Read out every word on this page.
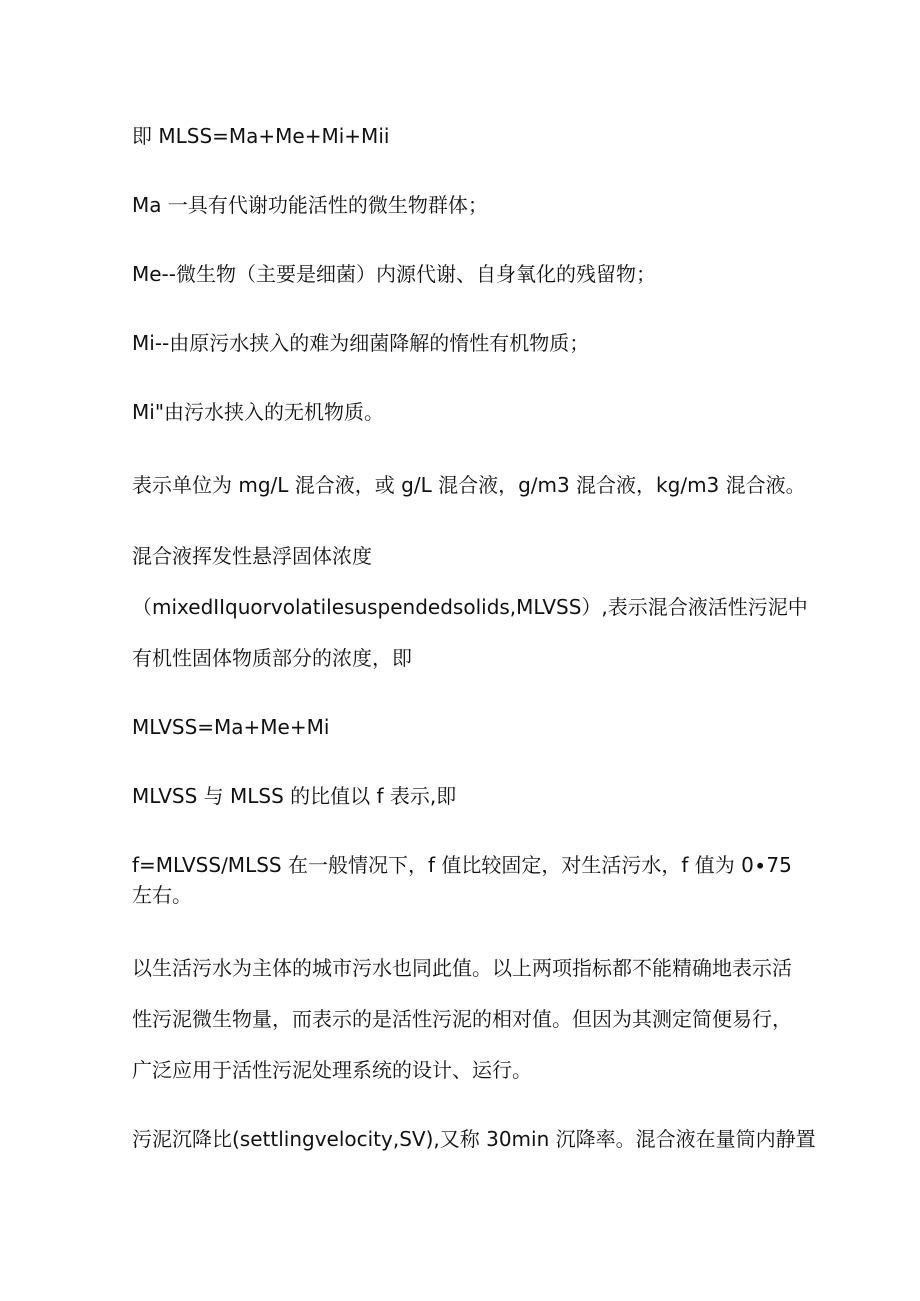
即 MLSS=Ma+Me+Mi+Mii
Ma 一具有代谢功能活性的微生物群体；
Me--微生物（主要是细菌）内源代谢、自身氧化的残留物；
Mi--由原污水挟入的难为细菌降解的惰性有机物质；
Mi"由污水挟入的无机物质。
表示单位为 mg/L 混合液，或 g/L 混合液，g∕m3 混合液，kg∕m3 混合液。
混合液挥发性悬浮固体浓度
（mixedIIquorvolatilesuspendedsolids,MLVSS）,表示混合液活性污泥中
有机性固体物质部分的浓度，即
MLVSS=Ma+Me+Mi
MLVSS 与 MLSS 的比值以 f 表示,即
f=MLVSS∕MLSS 在一般情况下，f 值比较固定，对生活污水，f 值为 0∙75
左右。
以生活污水为主体的城市污水也同此值。以上两项指标都不能精确地表示活
性污泥微生物量，而表示的是活性污泥的相对值。但因为其测定简便易行，
广泛应用于活性污泥处理系统的设计、运行。
污泥沉降比(settlingvelocity,SV),又称 30min 沉降率。混合液在量筒内静置
